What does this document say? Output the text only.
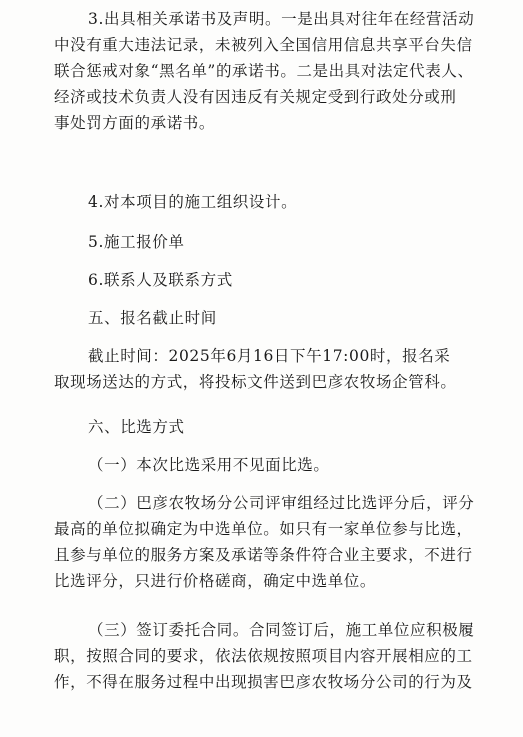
3.出具相关承诺书及声明。一是出具对往年在经营活动
中没有重大违法记录，未被列入全国信用信息共享平台失信
联合惩戒对象“黑名单”的承诺书。二是出具对法定代表人、
经济或技术负责人没有因违反有关规定受到行政处分或刑
事处罚方面的承诺书。

4.对本项目的施工组织设计。

5.施工报价单

6.联系人及联系方式

五、报名截止时间

截止时间：2025年6月16日下午17:00时，报名采
取现场送达的方式，将投标文件送到巴彦农牧场企管科。

六、比选方式

（一）本次比选采用不见面比选。

（二）巴彦农牧场分公司评审组经过比选评分后，评分
最高的单位拟确定为中选单位。如只有一家单位参与比选，
且参与单位的服务方案及承诺等条件符合业主要求，不进行
比选评分，只进行价格磋商，确定中选单位。

（三）签订委托合同。合同签订后，施工单位应积极履
职，按照合同的要求，依法依规按照项目内容开展相应的工
作，不得在服务过程中出现损害巴彦农牧场分公司的行为及
